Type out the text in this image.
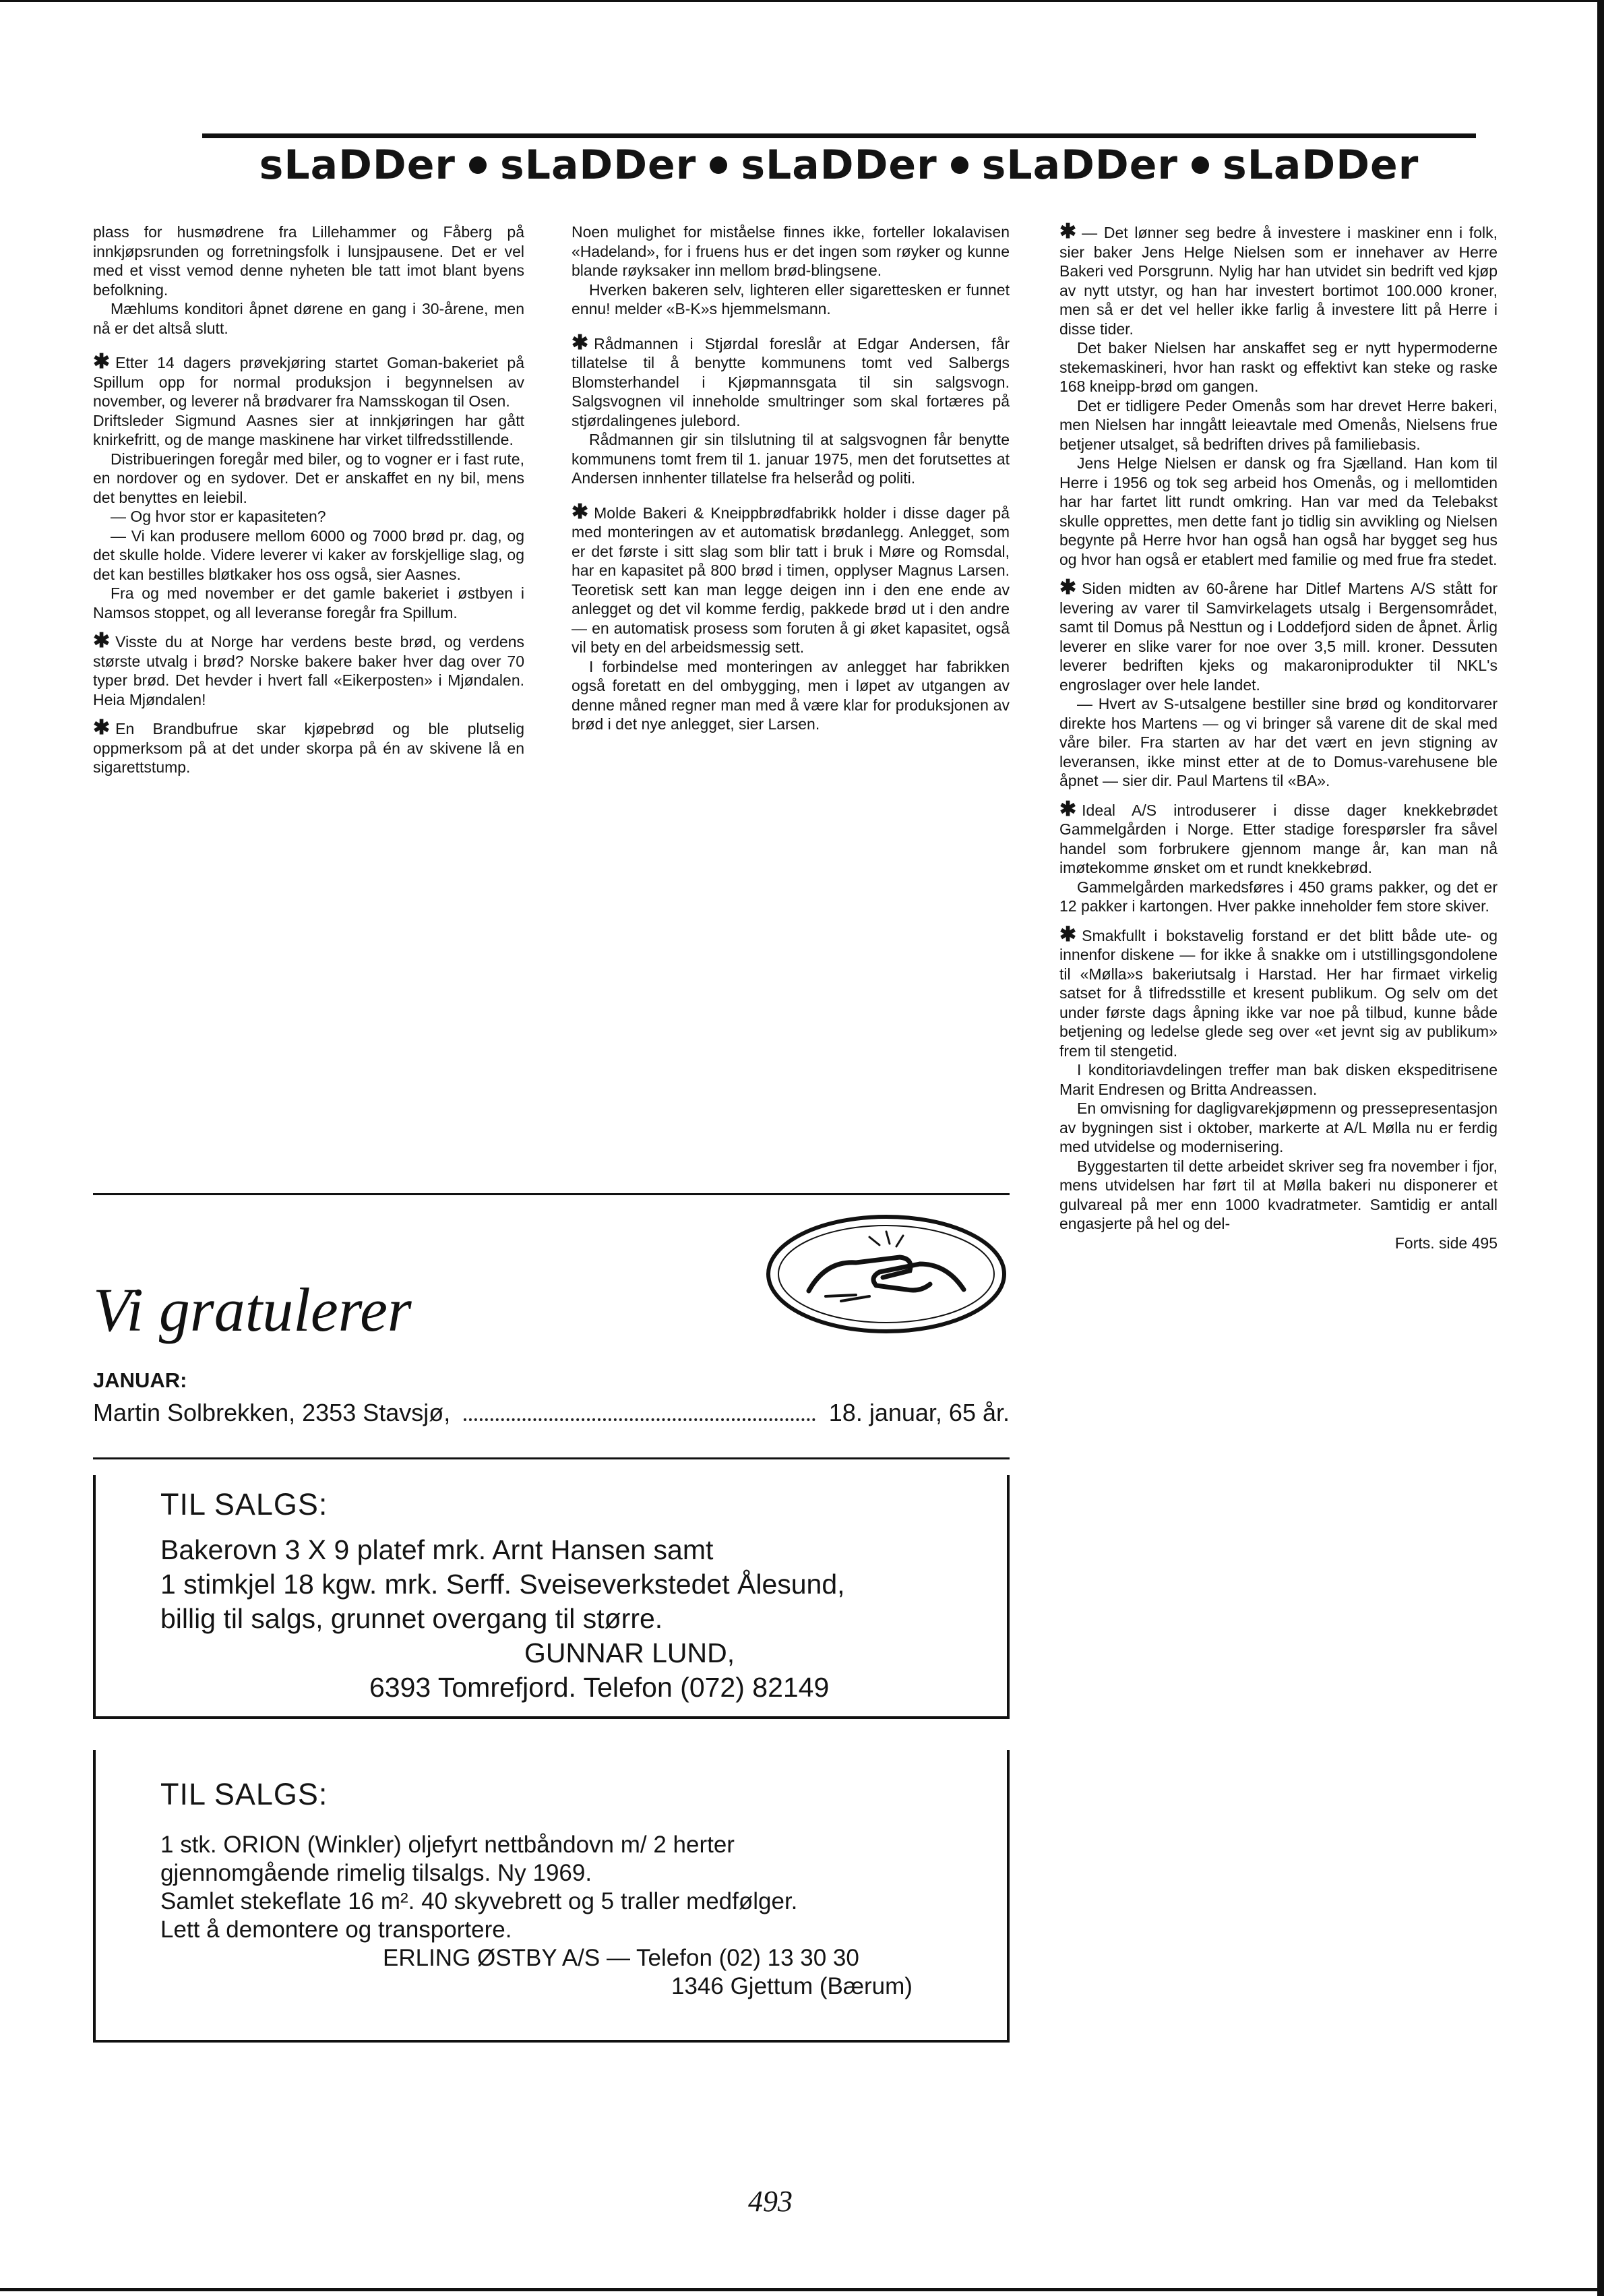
sLaDDer sLaDDer sLaDDer sLaDDer sLaDDer

plass for husmødrene fra Lillehammer og Fåberg på innkjøpsrunden og forretningsfolk i lunsjpausene. Det er vel med et visst vemod denne nyheten ble tatt imot blant byens befolkning.

Mæhlums konditori åpnet dørene en gang i 30-årene, men nå er det altså slutt.

✱ Etter 14 dagers prøvekjøring startet Goman-bakeriet på Spillum opp for normal produksjon i begynnelsen av november, og leverer nå brødvarer fra Namsskogan til Osen.

Driftsleder Sigmund Aasnes sier at innkjøringen har gått knirkefritt, og de mange maskinene har virket tilfredsstillende.

Distribueringen foregår med biler, og to vogner er i fast rute, en nordover og en sydover. Det er anskaffet en ny bil, mens det benyttes en leiebil.

— Og hvor stor er kapasiteten?

— Vi kan produsere mellom 6000 og 7000 brød pr. dag, og det skulle holde. Videre leverer vi kaker av forskjellige slag, og det kan bestilles bløtkaker hos oss også, sier Aasnes.

Fra og med november er det gamle bakeriet i østbyen i Namsos stoppet, og all leveranse foregår fra Spillum.

✱ Visste du at Norge har verdens beste brød, og verdens største utvalg i brød? Norske bakere baker hver dag over 70 typer brød. Det hevder i hvert fall «Eikerposten» i Mjøndalen. Heia Mjøndalen!

✱ En Brandbufrue skar kjøpebrød og ble plutselig oppmerksom på at det under skorpa på én av skivene lå en sigarettstump.

Noen mulighet for miståelse finnes ikke, forteller lokalavisen «Hadeland», for i fruens hus er det ingen som røyker og kunne blande røyksaker inn mellom brød-blingsene.

Hverken bakeren selv, lighteren eller sigarettesken er funnet ennu! melder «B-K»s hjemmelsmann.

✱ Rådmannen i Stjørdal foreslår at Edgar Andersen, får tillatelse til å benytte kommunens tomt ved Salbergs Blomsterhandel i Kjøpmannsgata til sin salgsvogn. Salgsvognen vil inneholde smultringer som skal fortæres på stjørdalingenes julebord.

Rådmannen gir sin tilslutning til at salgsvognen får benytte kommunens tomt frem til 1. januar 1975, men det forutsettes at Andersen innhenter tillatelse fra helseråd og politi.

✱ Molde Bakeri & Kneippbrødfabrikk holder i disse dager på med monteringen av et automatisk brødanlegg. Anlegget, som er det første i sitt slag som blir tatt i bruk i Møre og Romsdal, har en kapasitet på 800 brød i timen, opplyser Magnus Larsen. Teoretisk sett kan man legge deigen inn i den ene ende av anlegget og det vil komme ferdig, pakkede brød ut i den andre — en automatisk prosess som foruten å gi øket kapasitet, også vil bety en del arbeidsmessig sett.

I forbindelse med monteringen av anlegget har fabrikken også foretatt en del ombygging, men i løpet av utgangen av denne måned regner man med å være klar for produksjonen av brød i det nye anlegget, sier Larsen.

✱ — Det lønner seg bedre å investere i maskiner enn i folk, sier baker Jens Helge Nielsen som er innehaver av Herre Bakeri ved Porsgrunn. Nylig har han utvidet sin bedrift ved kjøp av nytt utstyr, og han har investert bortimot 100.000 kroner, men så er det vel heller ikke farlig å investere litt på Herre i disse tider.

Det baker Nielsen har anskaffet seg er nytt hypermoderne stekemaskineri, hvor han raskt og effektivt kan steke og raske 168 kneipp-brød om gangen.

Det er tidligere Peder Omenås som har drevet Herre bakeri, men Nielsen har inngått leieavtale med Omenås, Nielsens frue betjener utsalget, så bedriften drives på familiebasis.

Jens Helge Nielsen er dansk og fra Sjælland. Han kom til Herre i 1956 og tok seg arbeid hos Omenås, og i mellomtiden har har fartet litt rundt omkring. Han var med da Telebakst skulle opprettes, men dette fant jo tidlig sin avvikling og Nielsen begynte på Herre hvor han også han også har bygget seg hus og hvor han også er etablert med familie og med frue fra stedet.

✱ Siden midten av 60-årene har Ditlef Martens A/S stått for levering av varer til Samvirkelagets utsalg i Bergensområdet, samt til Domus på Nesttun og i Loddefjord siden de åpnet. Årlig leverer en slike varer for noe over 3,5 mill. kroner. Dessuten leverer bedriften kjeks og makaroniprodukter til NKL's engroslager over hele landet.

— Hvert av S-utsalgene bestiller sine brød og konditorvarer direkte hos Martens — og vi bringer så varene dit de skal med våre biler. Fra starten av har det vært en jevn stigning av leveransen, ikke minst etter at de to Domus-varehusene ble åpnet — sier dir. Paul Martens til «BA».

✱ Ideal A/S introduserer i disse dager knekkebrødet Gammelgården i Norge. Etter stadige forespørsler fra såvel handel som forbrukere gjennom mange år, kan man nå imøtekomme ønsket om et rundt knekkebrød.

Gammelgården markedsføres i 450 grams pakker, og det er 12 pakker i kartongen. Hver pakke inneholder fem store skiver.

✱ Smakfullt i bokstavelig forstand er det blitt både ute- og innenfor diskene — for ikke å snakke om i utstillingsgondolene til «Mølla»s bakeriutsalg i Harstad. Her har firmaet virkelig satset for å tlifredsstille et kresent publikum. Og selv om det under første dags åpning ikke var noe på tilbud, kunne både betjening og ledelse glede seg over «et jevnt sig av publikum» frem til stengetid.

I konditoriavdelingen treffer man bak disken ekspeditrisene Marit Endresen og Britta Andreassen.

En omvisning for dagligvarekjøpmenn og pressepresentasjon av bygningen sist i oktober, markerte at A/L Mølla nu er ferdig med utvidelse og modernisering.

Byggestarten til dette arbeidet skriver seg fra november i fjor, mens utvidelsen har ført til at Mølla bakeri nu disponerer et gulvareal på mer enn 1000 kvadratmeter. Samtidig er antall engasjerte på hel og del-

Forts. side 495

Vi gratulerer
JANUAR:
Martin Solbrekken, 2353 Stavsjø,	18. januar, 65 år.
TIL SALGS:
Bakerovn 3 X 9 platef mrk. Arnt Hansen samt
1 stimkjel 18 kgw. mrk. Serff. Sveiseverkstedet Ålesund,
billig til salgs, grunnet overgang til større.
GUNNAR LUND,
6393 Tomrefjord. Telefon (072) 82149
TIL SALGS:
1 stk. ORION (Winkler) oljefyrt nettbåndovn m/ 2 herter
gjennomgående rimelig tilsalgs. Ny 1969.
Samlet stekeflate 16 m². 40 skyvebrett og 5 traller medfølger.
Lett å demontere og transportere.
ERLING ØSTBY A/S — Telefon (02) 13 30 30
1346 Gjettum (Bærum)
493
